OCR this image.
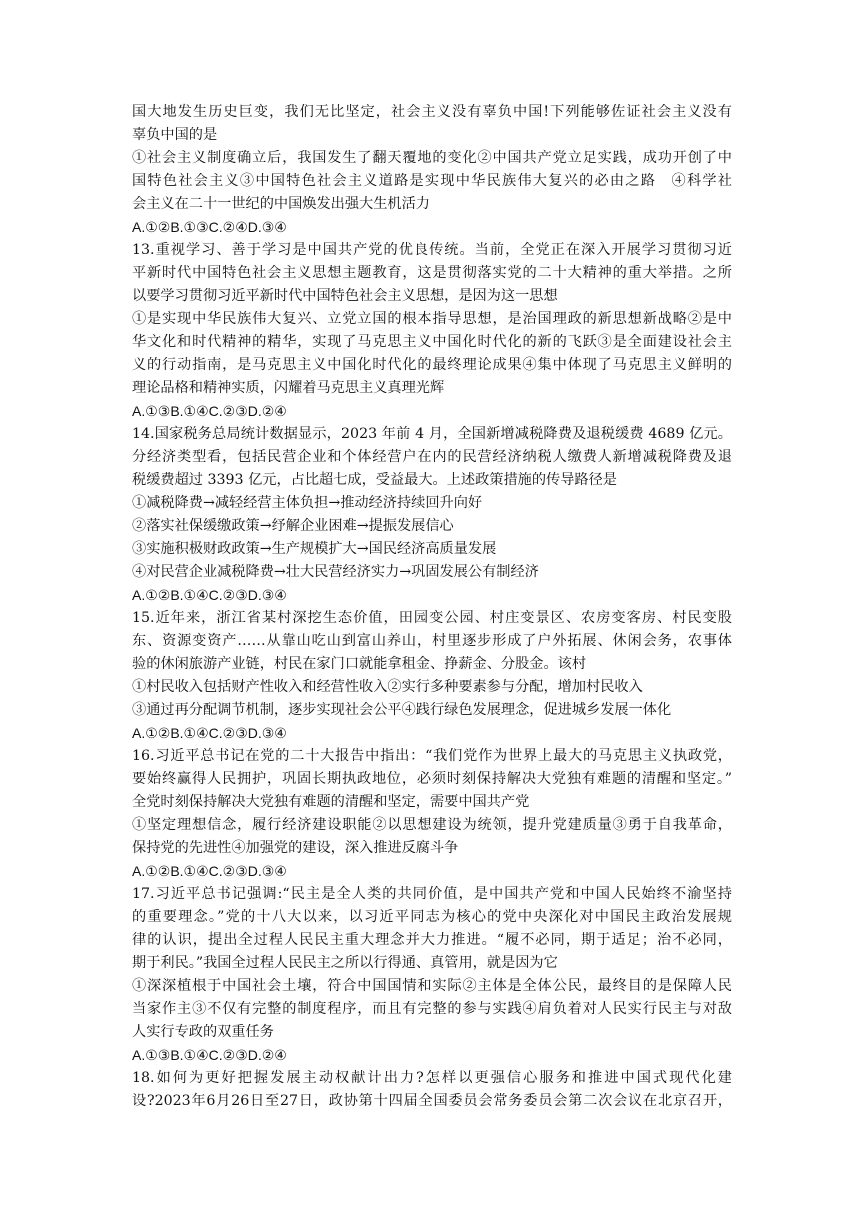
国大地发生历史巨变，我们无比坚定，社会主义没有辜负中国!下列能够佐证社会主义没有
辜负中国的是
①社会主义制度确立后，我国发生了翻天覆地的变化②中国共产党立足实践，成功开创了中
国特色社会主义③中国特色社会主义道路是实现中华民族伟大复兴的必由之路　④科学社
会主义在二十一世纪的中国焕发出强大生机活力
A.①②B.①③C.②④D.③④
13.重视学习、善于学习是中国共产党的优良传统。当前，全党正在深入开展学习贯彻习近
平新时代中国特色社会主义思想主题教育，这是贯彻落实党的二十大精神的重大举措。之所
以要学习贯彻习近平新时代中国特色社会主义思想，是因为这一思想
①是实现中华民族伟大复兴、立党立国的根本指导思想，是治国理政的新思想新战略②是中
华文化和时代精神的精华，实现了马克思主义中国化时代化的新的飞跃③是全面建设社会主
义的行动指南，是马克思主义中国化时代化的最终理论成果④集中体现了马克思主义鲜明的
理论品格和精神实质，闪耀着马克思主义真理光辉
A.①③B.①④C.②③D.②④
14.国家税务总局统计数据显示，2023 年前 4 月，全国新增减税降费及退税缓费 4689 亿元。
分经济类型看，包括民营企业和个体经营户在内的民营经济纳税人缴费人新增减税降费及退
税缓费超过 3393 亿元，占比超七成，受益最大。上述政策措施的传导路径是
①减税降费→减轻经营主体负担→推动经济持续回升向好
②落实社保缓缴政策→纾解企业困难→提振发展信心
③实施积极财政政策→生产规模扩大→国民经济高质量发展
④对民营企业减税降费→壮大民营经济实力→巩固发展公有制经济
A.①②B.①④C.②③D.③④
15.近年来，浙江省某村深挖生态价值，田园变公园、村庄变景区、农房变客房、村民变股
东、资源变资产……从靠山吃山到富山养山，村里逐步形成了户外拓展、休闲会务，农事体
验的休闲旅游产业链，村民在家门口就能拿租金、挣薪金、分股金。该村
①村民收入包括财产性收入和经营性收入②实行多种要素参与分配，增加村民收入
③通过再分配调节机制，逐步实现社会公平④践行绿色发展理念，促进城乡发展一体化
A.①②B.①④C.②③D.③④
16.习近平总书记在党的二十大报告中指出：“我们党作为世界上最大的马克思主义执政党，
要始终赢得人民拥护，巩固长期执政地位，必须时刻保持解决大党独有难题的清醒和坚定。”
全党时刻保持解决大党独有难题的清醒和坚定，需要中国共产党
①坚定理想信念，履行经济建设职能②以思想建设为统领，提升党建质量③勇于自我革命，
保持党的先进性④加强党的建设，深入推进反腐斗争
A.①②B.①④C.②③D.③④
17.习近平总书记强调:“民主是全人类的共同价值，是中国共产党和中国人民始终不渝坚持
的重要理念。”党的十八大以来，以习近平同志为核心的党中央深化对中国民主政治发展规
律的认识，提出全过程人民民主重大理念并大力推进。“履不必同，期于适足；治不必同，
期于利民。”我国全过程人民民主之所以行得通、真管用，就是因为它
①深深植根于中国社会土壤，符合中国国情和实际②主体是全体公民，最终目的是保障人民
当家作主③不仅有完整的制度程序，而且有完整的参与实践④肩负着对人民实行民主与对敌
人实行专政的双重任务
A.①③B.①④C.②③D.②④
18.如何为更好把握发展主动权献计出力?怎样以更强信心服务和推进中国式现代化建
设?2023年6月26日至27日，政协第十四届全国委员会常务委员会第二次会议在北京召开，
